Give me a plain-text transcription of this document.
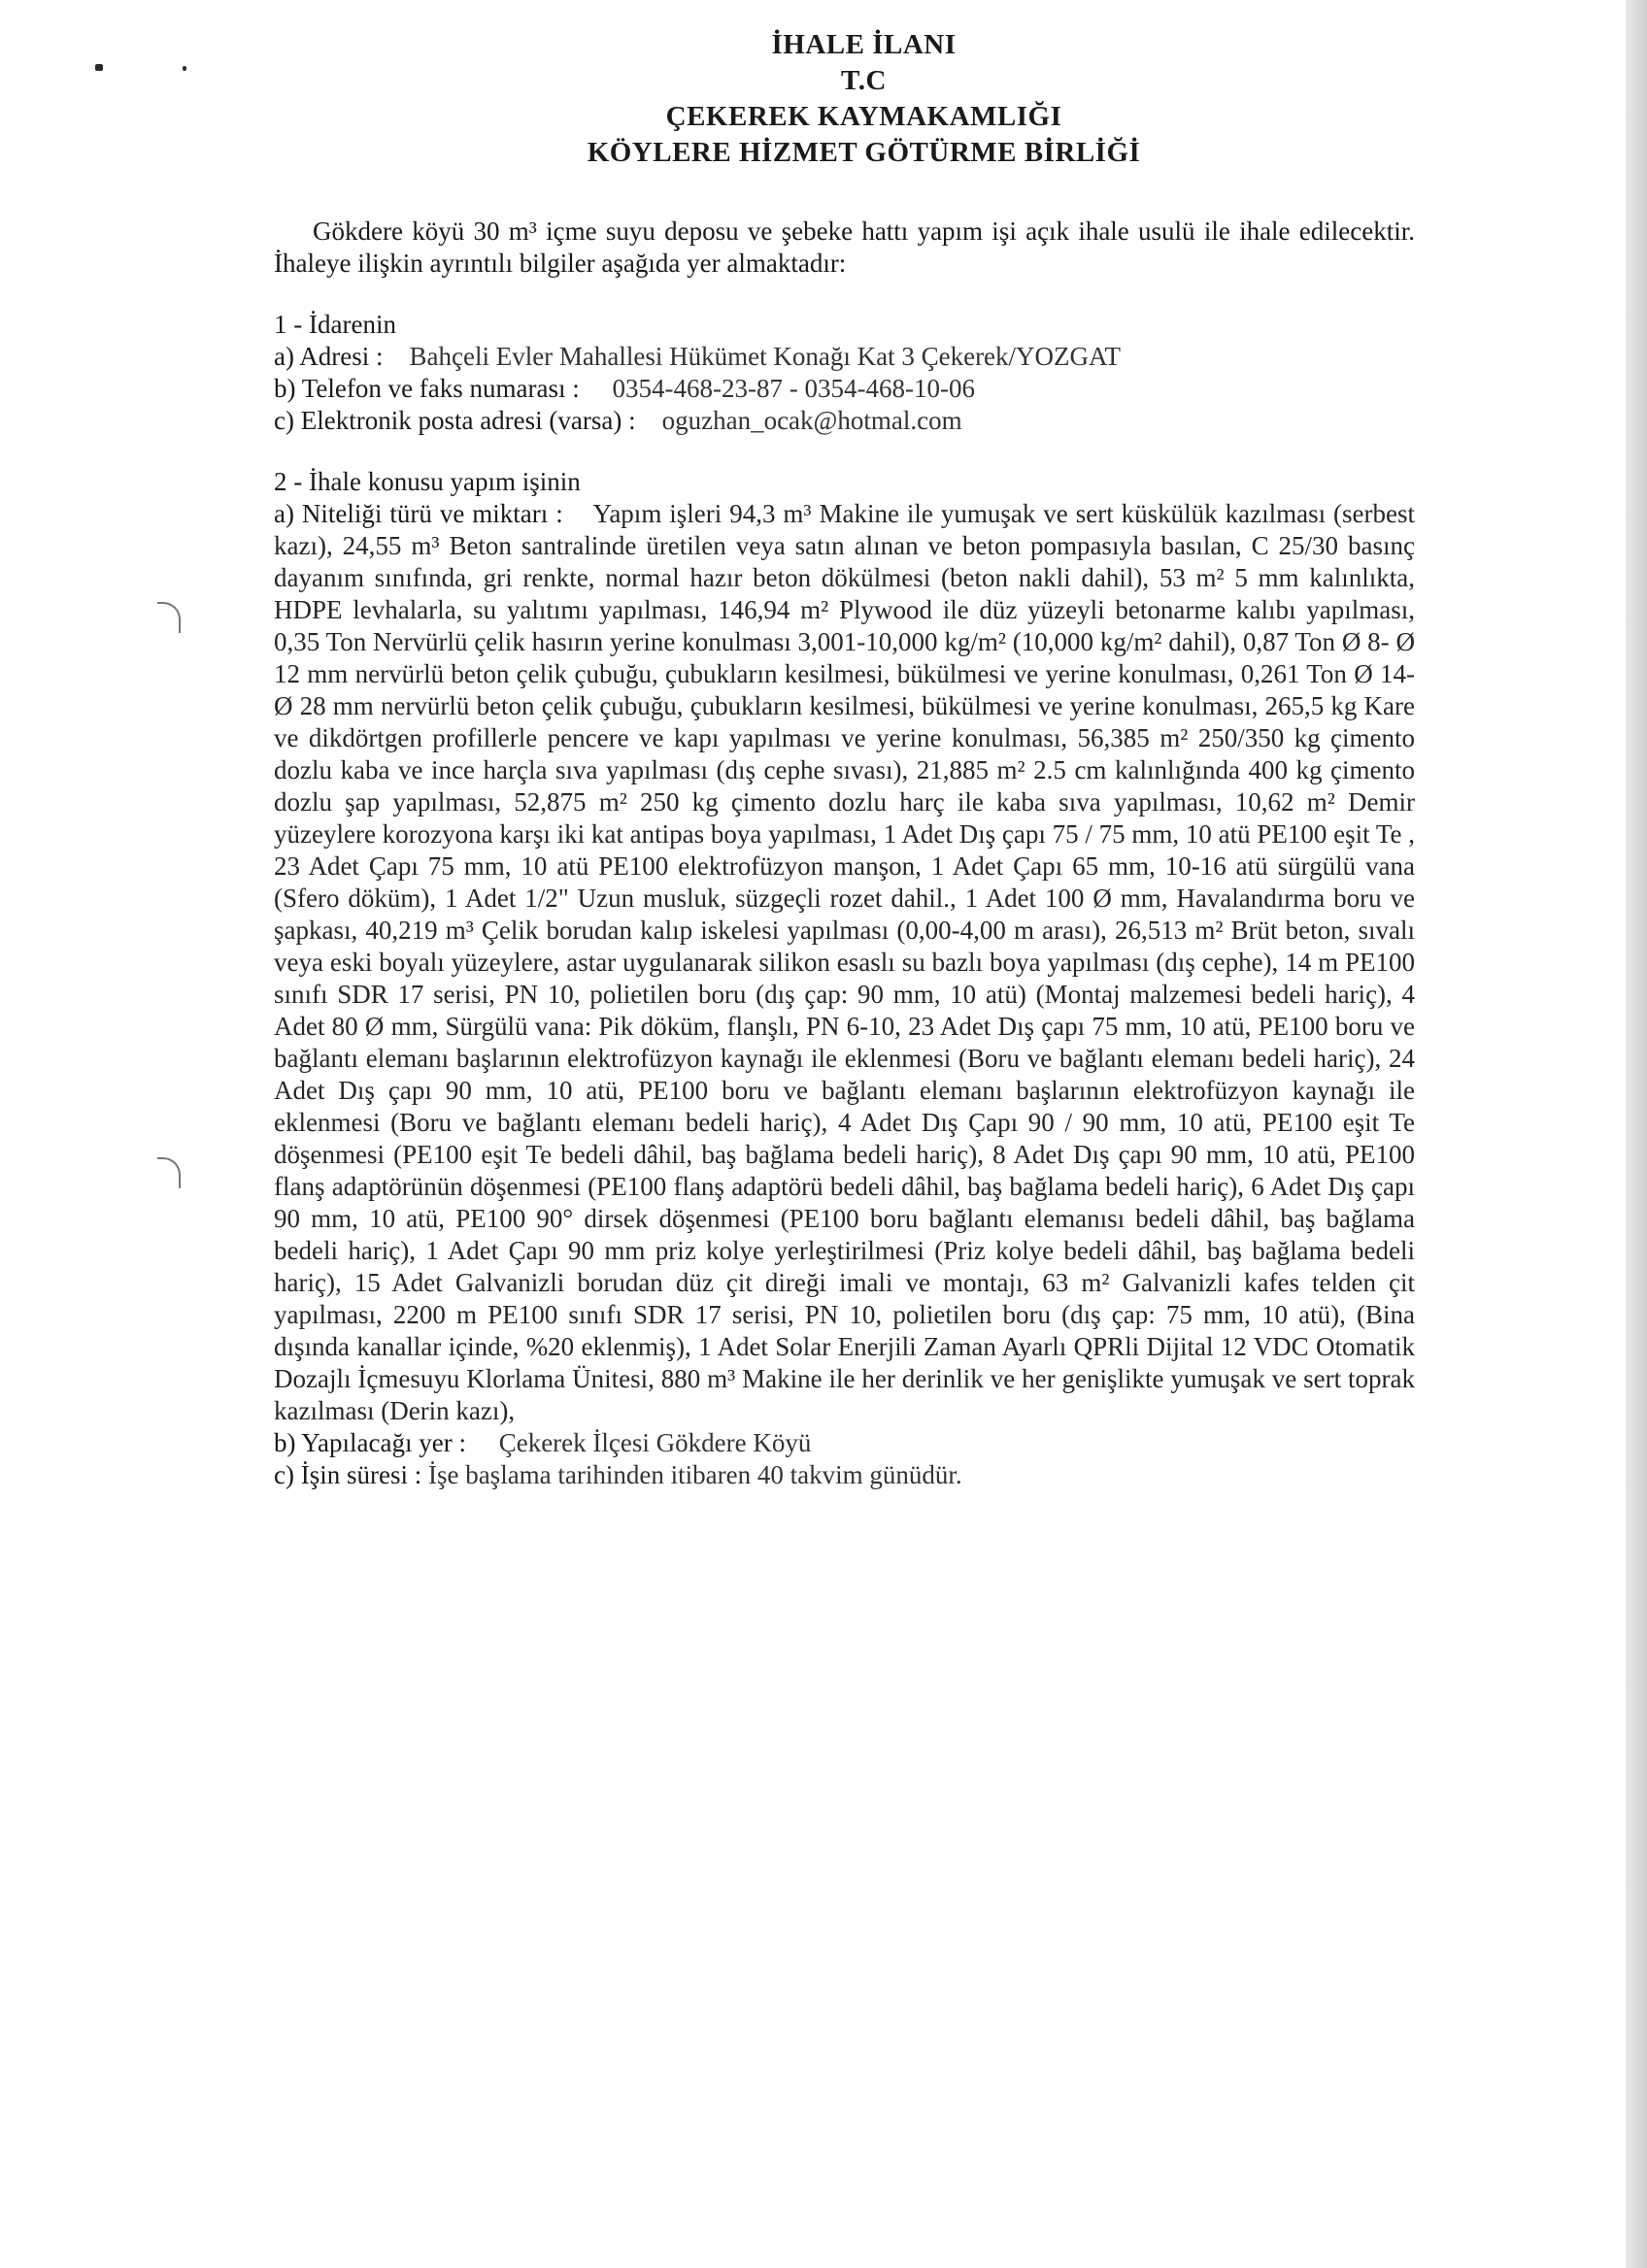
İHALE İLANI
T.C
ÇEKEREK KAYMAKAMLIĞI
KÖYLERE HİZMET GÖTÜRME BİRLİĞİ
Gökdere köyü 30 m³ içme suyu deposu ve şebeke hattı yapım işi açık ihale usulü ile ihale edilecektir. İhaleye ilişkin ayrıntılı bilgiler aşağıda yer almaktadır:
1 - İdarenin
a) Adresi : Bahçeli Evler Mahallesi Hükümet Konağı Kat 3 Çekerek/YOZGAT
b) Telefon ve faks numarası : 0354-468-23-87 - 0354-468-10-06
c) Elektronik posta adresi (varsa) : oguzhan_ocak@hotmal.com
2 - İhale konusu yapım işinin
a) Niteliği türü ve miktarı : Yapım işleri 94,3 m³ Makine ile yumuşak ve sert küskülük kazılması (serbest kazı), 24,55 m³ Beton santralinde üretilen veya satın alınan ve beton pompasıyla basılan, C 25/30 basınç dayanım sınıfında, gri renkte, normal hazır beton dökülmesi (beton nakli dahil), 53 m² 5 mm kalınlıkta, HDPE levhalarla, su yalıtımı yapılması, 146,94 m² Plywood ile düz yüzeyli betonarme kalıbı yapılması, 0,35 Ton Nervürlü çelik hasırın yerine konulması 3,001-10,000 kg/m² (10,000 kg/m² dahil), 0,87 Ton Ø 8- Ø 12 mm nervürlü beton çelik çubuğu, çubukların kesilmesi, bükülmesi ve yerine konulması, 0,261 Ton Ø 14- Ø 28 mm nervürlü beton çelik çubuğu, çubukların kesilmesi, bükülmesi ve yerine konulması, 265,5 kg Kare ve dikdörtgen profillerle pencere ve kapı yapılması ve yerine konulması, 56,385 m² 250/350 kg çimento dozlu kaba ve ince harçla sıva yapılması (dış cephe sıvası), 21,885 m² 2.5 cm kalınlığında 400 kg çimento dozlu şap yapılması, 52,875 m² 250 kg çimento dozlu harç ile kaba sıva yapılması, 10,62 m² Demir yüzeylere korozyona karşı iki kat antipas boya yapılması, 1 Adet Dış çapı 75 / 75 mm, 10 atü PE100 eşit Te , 23 Adet Çapı 75 mm, 10 atü PE100 elektrofüzyon manşon, 1 Adet Çapı 65 mm, 10-16 atü sürgülü vana (Sfero döküm), 1 Adet 1/2" Uzun musluk, süzgeçli rozet dahil., 1 Adet 100 Ø mm, Havalandırma boru ve şapkası, 40,219 m³ Çelik borudan kalıp iskelesi yapılması (0,00-4,00 m arası), 26,513 m² Brüt beton, sıvalı veya eski boyalı yüzeylere, astar uygulanarak silikon esaslı su bazlı boya yapılması (dış cephe), 14 m PE100 sınıfı SDR 17 serisi, PN 10, polietilen boru (dış çap: 90 mm, 10 atü) (Montaj malzemesi bedeli hariç), 4 Adet 80 Ø mm, Sürgülü vana: Pik döküm, flanşlı, PN 6-10, 23 Adet Dış çapı 75 mm, 10 atü, PE100 boru ve bağlantı elemanı başlarının elektrofüzyon kaynağı ile eklenmesi (Boru ve bağlantı elemanı bedeli hariç), 24 Adet Dış çapı 90 mm, 10 atü, PE100 boru ve bağlantı elemanı başlarının elektrofüzyon kaynağı ile eklenmesi (Boru ve bağlantı elemanı bedeli hariç), 4 Adet Dış Çapı 90 / 90 mm, 10 atü, PE100 eşit Te döşenmesi (PE100 eşit Te bedeli dâhil, baş bağlama bedeli hariç), 8 Adet Dış çapı 90 mm, 10 atü, PE100 flanş adaptörünün döşenmesi (PE100 flanş adaptörü bedeli dâhil, baş bağlama bedeli hariç), 6 Adet Dış çapı 90 mm, 10 atü, PE100 90° dirsek döşenmesi (PE100 boru bağlantı elemanısı bedeli dâhil, baş bağlama bedeli hariç), 1 Adet Çapı 90 mm priz kolye yerleştirilmesi (Priz kolye bedeli dâhil, baş bağlama bedeli hariç), 15 Adet Galvanizli borudan düz çit direği imali ve montajı, 63 m² Galvanizli kafes telden çit yapılması, 2200 m PE100 sınıfı SDR 17 serisi, PN 10, polietilen boru (dış çap: 75 mm, 10 atü), (Bina dışında kanallar içinde, %20 eklenmiş), 1 Adet Solar Enerjili Zaman Ayarlı QPRli Dijital 12 VDC Otomatik Dozajlı İçmesuyu Klorlama Ünitesi, 880 m³ Makine ile her derinlik ve her genişlikte yumuşak ve sert toprak kazılması (Derin kazı),
b) Yapılacağı yer : Çekerek İlçesi Gökdere Köyü
c) İşin süresi : İşe başlama tarihinden itibaren 40 takvim günüdür.
